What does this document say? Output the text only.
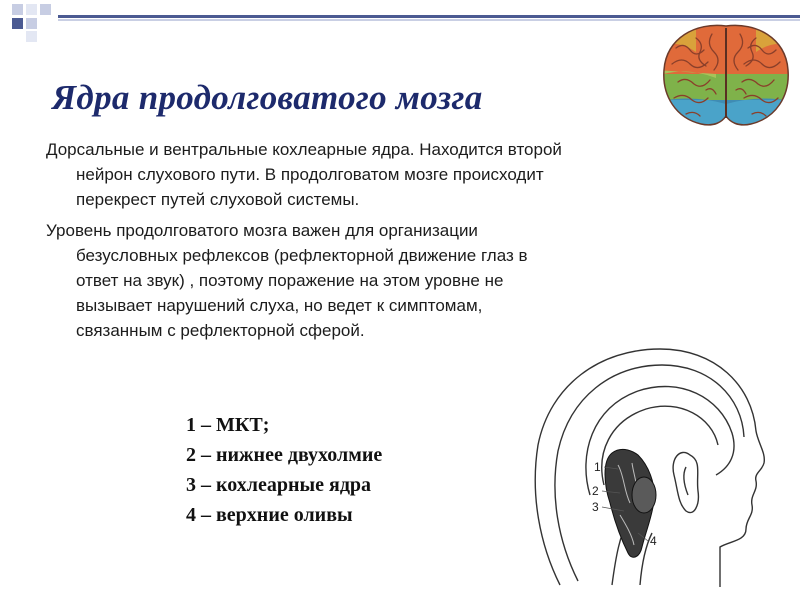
Ядра продолговатого мозга

Дорсальные и вентральные кохлеарные ядра. Находится второй нейрон слухового пути. В продолговатом мозге происходит перекрест путей слуховой системы.

Уровень продолговатого мозга важен для организации безусловных рефлексов (рефлекторной движение глаз в ответ на звук) , поэтому поражение на этом уровне не вызывает нарушений слуха, но ведет к симптомам, связанным с рефлекторной сферой.

1
2
3
4
1 – МКТ;
2 – нижнее двухолмие
3 – кохлеарные ядра
4 – верхние оливы
